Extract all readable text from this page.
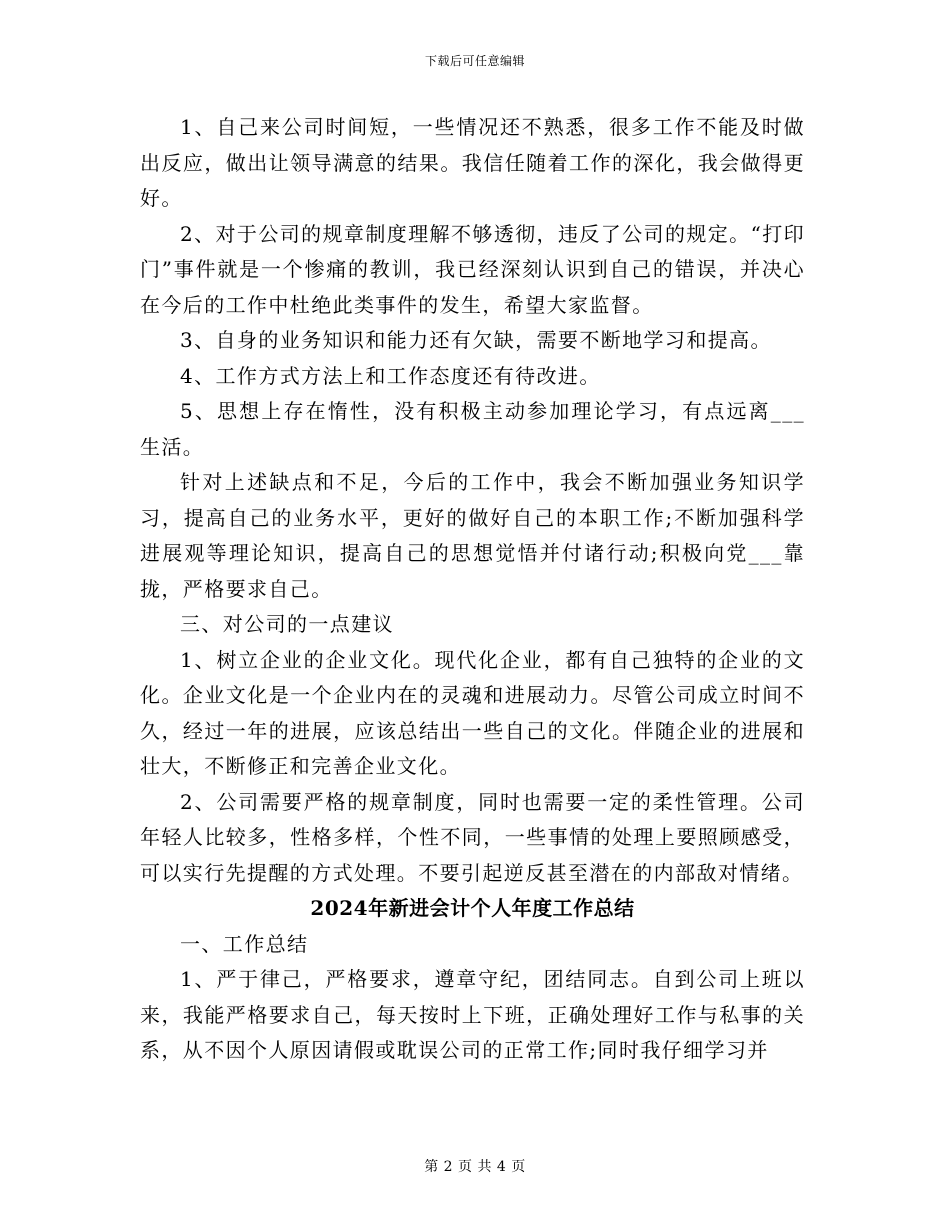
下载后可任意编辑

1、自己来公司时间短，一些情况还不熟悉，很多工作不能及时做出反应，做出让领导满意的结果。我信任随着工作的深化，我会做得更好。

2、对于公司的规章制度理解不够透彻，违反了公司的规定。“打印门”事件就是一个惨痛的教训，我已经深刻认识到自己的错误，并决心在今后的工作中杜绝此类事件的发生，希望大家监督。

3、自身的业务知识和能力还有欠缺，需要不断地学习和提高。

4、工作方式方法上和工作态度还有待改进。

5、思想上存在惰性，没有积极主动参加理论学习，有点远离___生活。

针对上述缺点和不足，今后的工作中，我会不断加强业务知识学习，提高自己的业务水平，更好的做好自己的本职工作;不断加强科学进展观等理论知识，提高自己的思想觉悟并付诸行动;积极向党___靠拢，严格要求自己。

三、对公司的一点建议

1、树立企业的企业文化。现代化企业，都有自己独特的企业的文化。企业文化是一个企业内在的灵魂和进展动力。尽管公司成立时间不久，经过一年的进展，应该总结出一些自己的文化。伴随企业的进展和壮大，不断修正和完善企业文化。

2、公司需要严格的规章制度，同时也需要一定的柔性管理。公司年轻人比较多，性格多样，个性不同，一些事情的处理上要照顾感受，可以实行先提醒的方式处理。不要引起逆反甚至潜在的内部敌对情绪。

2024年新进会计个人年度工作总结

一、工作总结

1、严于律己，严格要求，遵章守纪，团结同志。自到公司上班以来，我能严格要求自己，每天按时上下班，正确处理好工作与私事的关系，从不因个人原因请假或耽误公司的正常工作;同时我仔细学习并

第 2 页 共 4 页
